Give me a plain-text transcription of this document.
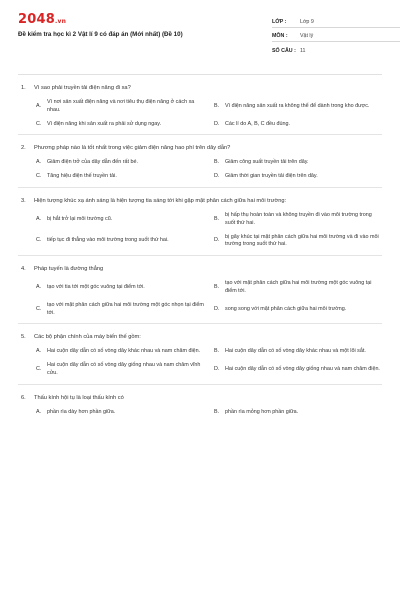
2048.vn
Đề kiểm tra học kì 2 Vật lí 9 có đáp án (Mới nhất) (Đề 10)
LỚP :	Lớp 9
MÔN :	Vật lý
SỐ CÂU : 11
1.	Vì sao phải truyền tải điện năng đi xa?
A.
Vì nơi sản xuất điện năng và nơi tiêu thụ điện năng ở cách xa nhau.
B.	Vì điện năng sản xuất ra không thể để dành trong kho được.
C.	Vì điện năng khi sản xuất ra phải sử dụng ngay.	D.	Các lí do A, B, C đều đúng.
2.	Phương pháp nào là tốt nhất trong việc giảm điện năng hao phí trên dây dẫn?
A.	Giảm điện trở của dây dẫn đến rất bé.	B.	Giảm công suất truyền tải trên dây.
C.	Tăng hiệu điện thế truyền tải.	D.	Giảm thời gian truyền tải điện trên dây.
3.	Hiện tượng khúc xạ ánh sáng là hiện tượng tia sáng tới khi gặp mặt phân cách giữa hai môi trường:
A.	bị hắt trở lại môi trường cũ.	B.
bị hấp thụ hoàn toàn và không truyền đi vào môi trường trong suốt thứ hai.
C.	tiếp tục đi thẳng vào môi trường trong suốt thứ hai.	D.
bị gãy khúc tại mặt phân cách giữa hai môi trường và đi vào môi trường trong suốt thứ hai.
4.	Pháp tuyến là đường thẳng
A.	tạo với tia tới một góc vuông tại điểm tới.	B.
tạo với mặt phân cách giữa hai môi trường một góc vuông tại điểm tới.
C.
tạo với mặt phân cách giữa hai môi trường một góc nhọn tại điểm tới.
D.	song song với mặt phân cách giữa hai môi trường.
5.	Các bộ phận chính của máy biến thế gồm:
A.	Hai cuộn dây dẫn có số vòng dây khác nhau và nam châm điện.	B.	Hai cuộn dây dẫn có số vòng dây khác nhau và một lõi sắt.
C.
Hai cuộn dây dẫn có số vòng dây giống nhau và nam châm vĩnh cửu.
D.	Hai cuộn dây dẫn có số vòng dây giống nhau và nam châm điện.
6.	Thấu kính hội tụ là loại thấu kính có
A.	phần rìa dày hơn phần giữa.	B.	phần rìa mỏng hơn phần giữa.
